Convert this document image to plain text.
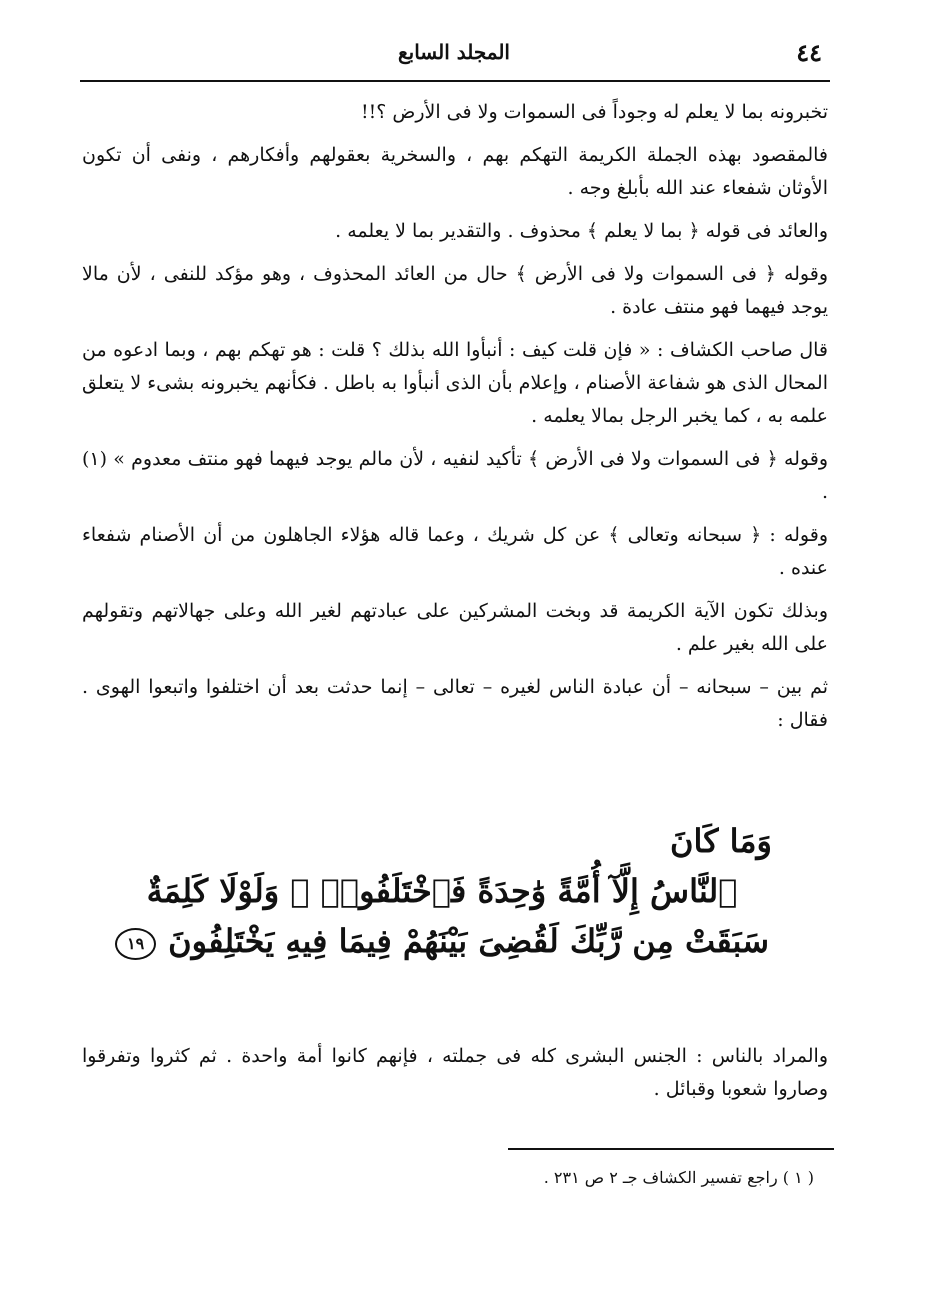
٤٤
المجلد السابع

تخبرونه بما لا يعلم له وجوداً فى السموات ولا فى الأرض ؟!!

فالمقصود بهذه الجملة الكريمة التهكم بهم ، والسخرية بعقولهم وأفكارهم ، ونفى أن تكون الأوثان شفعاء عند الله بأبلغ وجه .

والعائد فى قوله ﴿ بما لا يعلم ﴾ محذوف . والتقدير بما لا يعلمه .

وقوله ﴿ فى السموات ولا فى الأرض ﴾ حال من العائد المحذوف ، وهو مؤكد للنفى ، لأن مالا يوجد فيهما فهو منتف عادة .

قال صاحب الكشاف : « فإن قلت كيف : أنبأوا الله بذلك ؟ قلت : هو تهكم بهم ، وبما ادعوه من المحال الذى هو شفاعة الأصنام ، وإعلام بأن الذى أنبأوا به باطل . فكأنهم يخبرونه بشىء لا يتعلق علمه به ، كما يخبر الرجل بمالا يعلمه .

وقوله ﴿ فى السموات ولا فى الأرض ﴾ تأكيد لنفيه ، لأن مالم يوجد فيهما فهو منتف معدوم » (١) .

وقوله : ﴿ سبحانه وتعالى ﴾ عن كل شريك ، وعما قاله هؤلاء الجاهلون من أن الأصنام شفعاء عنده .

وبذلك تكون الآية الكريمة قد وبخت المشركين على عبادتهم لغير الله وعلى جهالاتهم وتقولهم على الله بغير علم .

ثم بين – سبحانه – أن عبادة الناس لغيره – تعالى – إنما حدثت بعد أن اختلفوا واتبعوا الهوى . فقال :

وَمَا كَانَ
ٱلنَّاسُ إِلَّآ أُمَّةً وَٰحِدَةً فَٱخْتَلَفُوا۟ ۚ وَلَوْلَا كَلِمَةٌ
سَبَقَتْ مِن رَّبِّكَ لَقُضِىَ بَيْنَهُمْ فِيمَا فِيهِ يَخْتَلِفُونَ١٩

والمراد بالناس : الجنس البشرى كله فى جملته ، فإنهم كانوا أمة واحدة . ثم كثروا وتفرقوا وصاروا شعوبا وقبائل .

( ١ ) راجع تفسير الكشاف جـ ٢ ص ٢٣١ .
